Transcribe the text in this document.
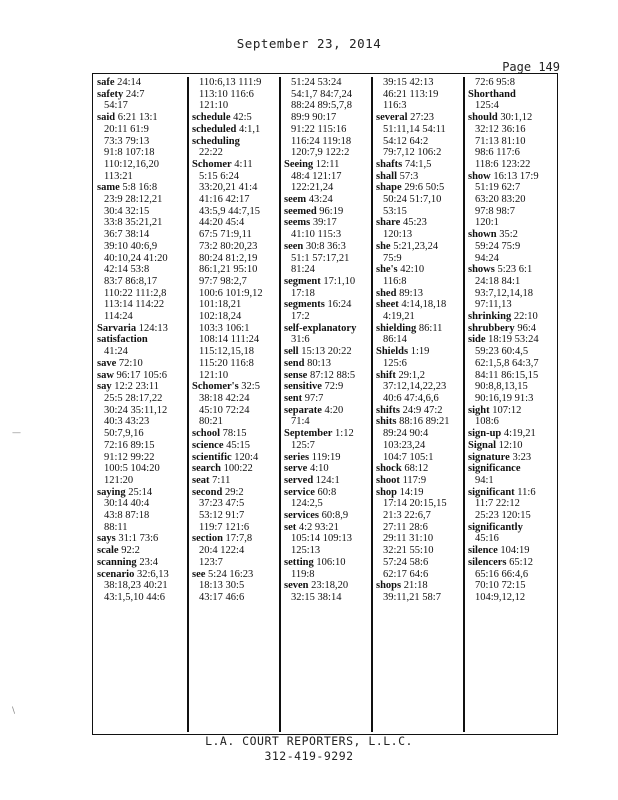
September 23, 2014
Page 149
safe 24:14
safety 24:7
54:17
said 6:21 13:1
20:11 61:9
73:3 79:13
91:8 107:18
110:12,16,20
113:21
same 5:8 16:8
23:9 28:12,21
30:4 32:15
33:8 35:21,21
36:7 38:14
39:10 40:6,9
40:10,24 41:20
42:14 53:8
83:7 86:8,17
110:22 111:2,8
113:14 114:22
114:24
Sarvaria 124:13
satisfaction
41:24
save 72:10
saw 96:17 105:6
say 12:2 23:11
25:5 28:17,22
30:24 35:11,12
40:3 43:23
50:7,9,16
72:16 89:15
91:12 99:22
100:5 104:20
121:20
saying 25:14
30:14 40:4
43:8 87:18
88:11
says 31:1 73:6
scale 92:2
scanning 23:4
scenario 32:6,13
38:18,23 40:21
43:1,5,10 44:6
110:6,13 111:9
113:10 116:6
121:10
schedule 42:5
scheduled 4:1,1
scheduling
22:22
Schomer 4:11
5:15 6:24
33:20,21 41:4
41:16 42:17
43:5,9 44:7,15
44:20 45:4
67:5 71:9,11
73:2 80:20,23
80:24 81:2,19
86:1,21 95:10
97:7 98:2,7
100:6 101:9,12
101:18,21
102:18,24
103:3 106:1
108:14 111:24
115:12,15,18
115:20 116:8
121:10
Schomer's 32:5
38:18 42:24
45:10 72:24
80:21
school 78:15
science 45:15
scientific 120:4
search 100:22
seat 7:11
second 29:2
37:23 47:5
53:12 91:7
119:7 121:6
section 17:7,8
20:4 122:4
123:7
see 5:24 16:23
18:13 30:5
43:17 46:6
51:24 53:24
54:1,7 84:7,24
88:24 89:5,7,8
89:9 90:17
91:22 115:16
116:24 119:18
120:7,9 122:2
Seeing 12:11
48:4 121:17
122:21,24
seem 43:24
seemed 96:19
seems 39:17
41:10 115:3
seen 30:8 36:3
51:1 57:17,21
81:24
segment 17:1,10
17:18
segments 16:24
17:2
self-explanatory
31:6
sell 15:13 20:22
send 80:13
sense 87:12 88:5
sensitive 72:9
sent 97:7
separate 4:20
71:4
September 1:12
125:7
series 119:19
serve 4:10
served 124:1
service 60:8
124:2,5
services 60:8,9
set 4:2 93:21
105:14 109:13
125:13
setting 106:10
119:8
seven 23:18,20
32:15 38:14
39:15 42:13
46:21 113:19
116:3
several 27:23
51:11,14 54:11
54:12 64:2
79:7,12 106:2
shafts 74:1,5
shall 57:3
shape 29:6 50:5
50:24 51:7,10
53:15
share 45:23
120:13
she 5:21,23,24
75:9
she's 42:10
116:8
shed 89:13
sheet 4:14,18,18
4:19,21
shielding 86:11
86:14
Shields 1:19
125:6
shift 29:1,2
37:12,14,22,23
40:6 47:4,6,6
shifts 24:9 47:2
shits 88:16 89:21
89:24 90:4
103:23,24
104:7 105:1
shock 68:12
shoot 117:9
shop 14:19
17:14 20:15,15
21:3 22:6,7
27:11 28:6
29:11 31:10
32:21 55:10
57:24 58:6
62:17 64:6
shops 21:18
39:11,21 58:7
72:6 95:8
Shorthand
125:4
should 30:1,12
32:12 36:16
71:13 81:10
98:6 117:6
118:6 123:22
show 16:13 17:9
51:19 62:7
63:20 83:20
97:8 98:7
120:1
shown 35:2
59:24 75:9
94:24
shows 5:23 6:1
24:18 84:1
93:7,12,14,18
97:11,13
shrinking 22:10
shrubbery 96:4
side 18:19 53:24
59:23 60:4,5
62:1,5,8 64:3,7
84:11 86:15,15
90:8,8,13,15
90:16,19 91:3
sight 107:12
108:6
sign-up 4:19,21
Signal 12:10
signature 3:23
significance
94:1
significant 11:6
11:7 22:12
25:23 120:15
significantly
45:16
silence 104:19
silencers 65:12
65:16 66:4,6
70:10 72:15
104:9,12,12
—
\
L.A. COURT REPORTERS, L.L.C.
312-419-9292
